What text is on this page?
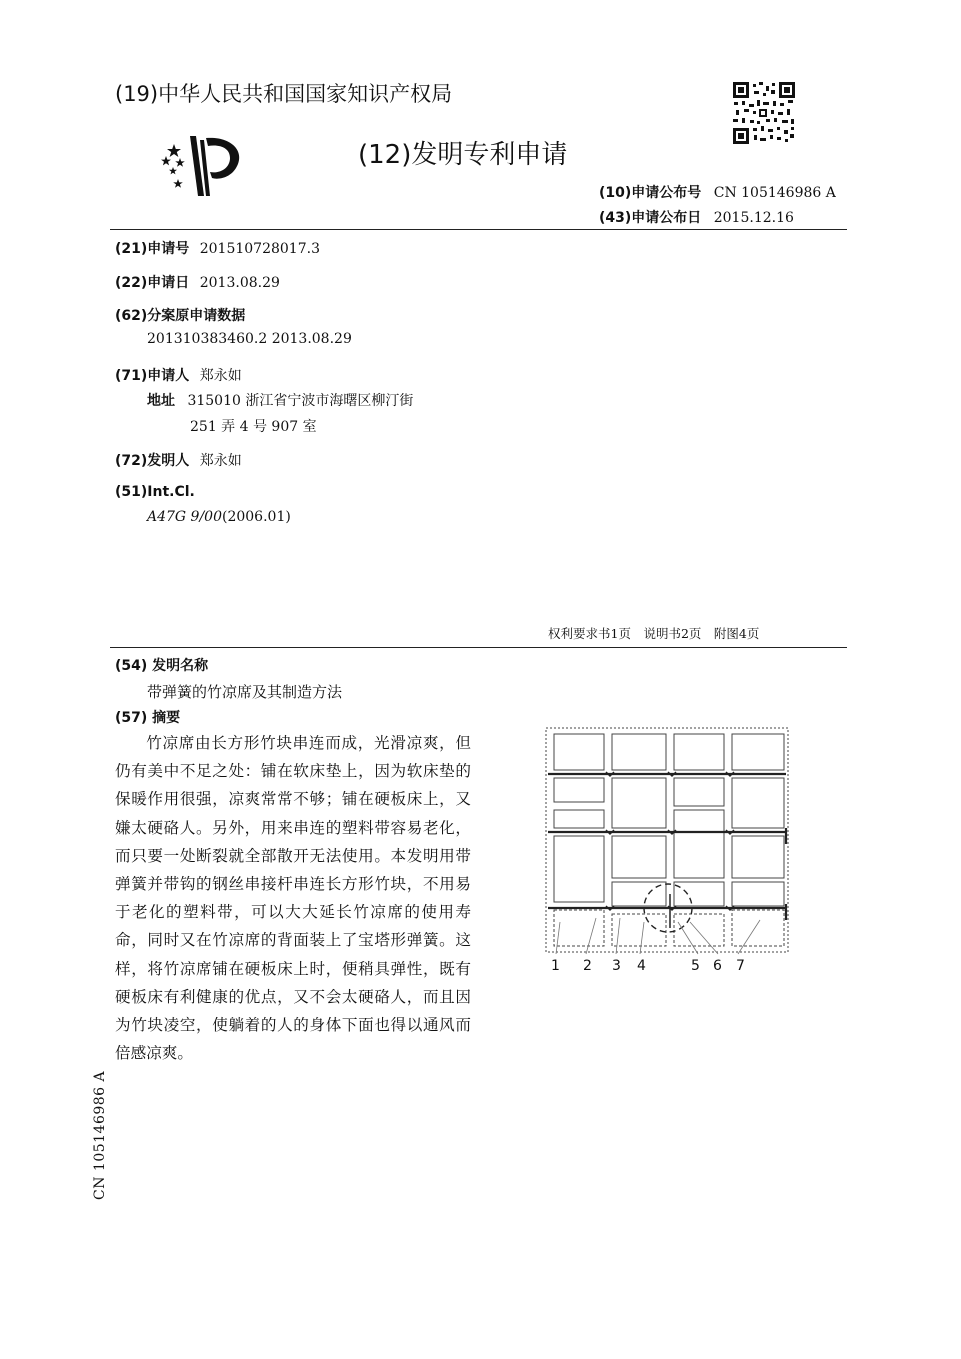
(19)中华人民共和国国家知识产权局
(12)发明专利申请
(10)申请公布号 CN 105146986 A
(43)申请公布日 2015.12.16
(21)申请号 201510728017.3
(22)申请日 2013.08.29
(62)分案原申请数据
201310383460.2 2013.08.29
(71)申请人 郑永如
地址 315010 浙江省宁波市海曙区柳汀街
251 弄 4 号 907 室
(72)发明人 郑永如
(51)Int.Cl.
A47G 9/00(2006.01)
权利要求书1页　说明书2页　附图4页
(54) 发明名称
带弹簧的竹凉席及其制造方法
(57) 摘要

竹凉席由长方形竹块串连而成，光滑凉爽，但仍有美中不足之处：铺在软床垫上，因为软床垫的保暖作用很强，凉爽常常不够；铺在硬板床上，又嫌太硬硌人。另外，用来串连的塑料带容易老化，而只要一处断裂就全部散开无法使用。本发明用带弹簧并带钩的钢丝串接杆串连长方形竹块，不用易于老化的塑料带，可以大大延长竹凉席的使用寿命，同时又在竹凉席的背面装上了宝塔形弹簧。这样，将竹凉席铺在硬板床上时，便稍具弹性，既有硬板床有利健康的优点，又不会太硬硌人，而且因为竹块凌空，使躺着的人的身体下面也得以通风而倍感凉爽。

1 2 3 4	5 6 7
CN 105146986 A
